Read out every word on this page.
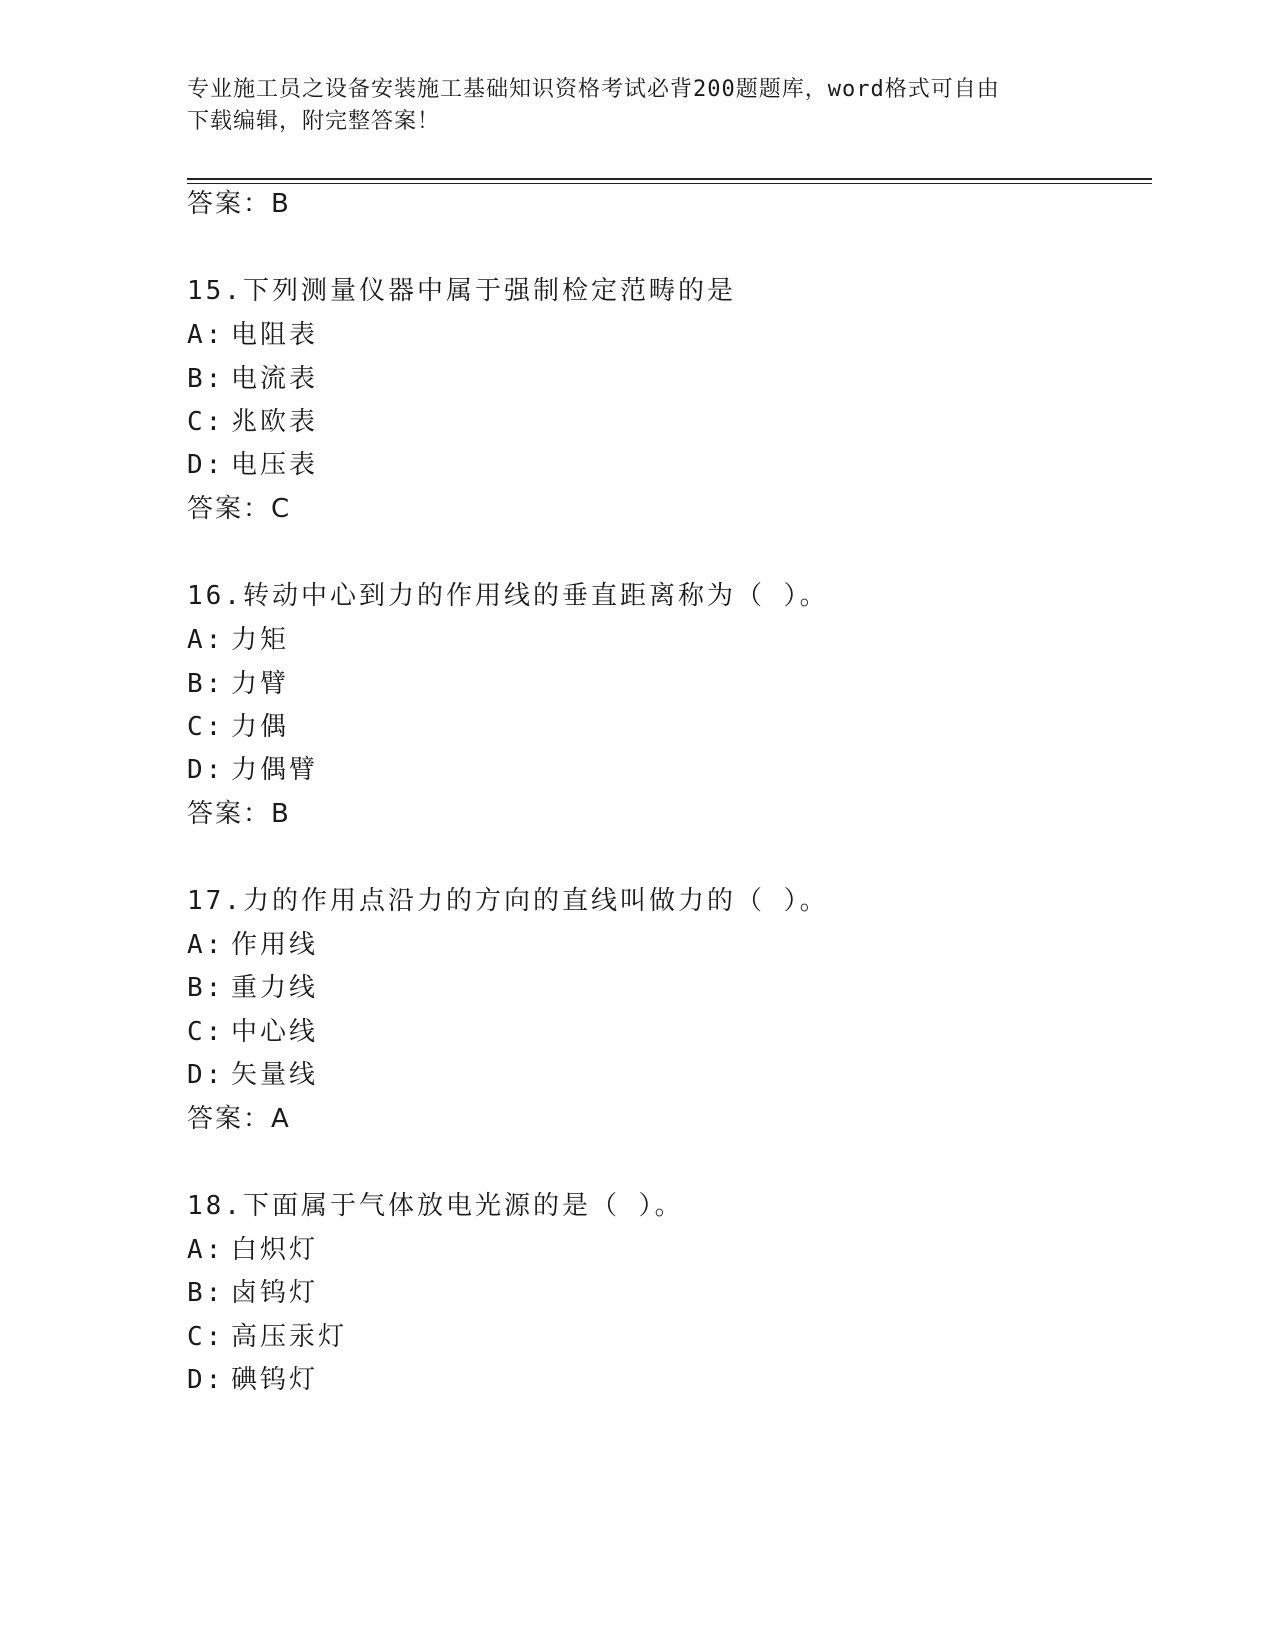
专业施工员之设备安装施工基础知识资格考试必背200题题库，word格式可自由
下载编辑，附完整答案！
答案：B
15.下列测量仪器中属于强制检定范畴的是
A: 电阻表
B: 电流表
C: 兆欧表
D: 电压表
答案：C
16.转动中心到力的作用线的垂直距离称为（ ）。
A: 力矩
B: 力臂
C: 力偶
D: 力偶臂
答案：B
17.力的作用点沿力的方向的直线叫做力的（ ）。
A: 作用线
B: 重力线
C: 中心线
D: 矢量线
答案：A
18.下面属于气体放电光源的是（ ）。
A: 白炽灯
B: 卤钨灯
C: 高压汞灯
D: 碘钨灯
